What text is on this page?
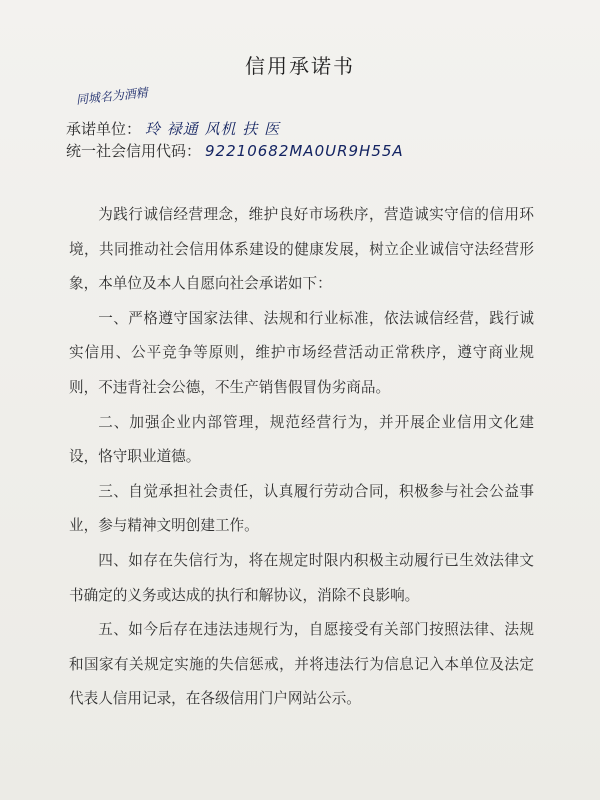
信用承诺书
同城名为酒精
承诺单位： 玲 禄通 风机 扶 医
统一社会信用代码： 92210682MA0UR9H55A

为践行诚信经营理念，维护良好市场秩序，营造诚实守信的信用环境，共同推动社会信用体系建设的健康发展，树立企业诚信守法经营形象，本单位及本人自愿向社会承诺如下：

一、严格遵守国家法律、法规和行业标准，依法诚信经营，践行诚实信用、公平竞争等原则，维护市场经营活动正常秩序，遵守商业规则，不违背社会公德，不生产销售假冒伪劣商品。

二、加强企业内部管理，规范经营行为，并开展企业信用文化建设，恪守职业道德。

三、自觉承担社会责任，认真履行劳动合同，积极参与社会公益事业，参与精神文明创建工作。

四、如存在失信行为，将在规定时限内积极主动履行已生效法律文书确定的义务或达成的执行和解协议，消除不良影响。

五、如今后存在违法违规行为，自愿接受有关部门按照法律、法规和国家有关规定实施的失信惩戒，并将违法行为信息记入本单位及法定代表人信用记录，在各级信用门户网站公示。
